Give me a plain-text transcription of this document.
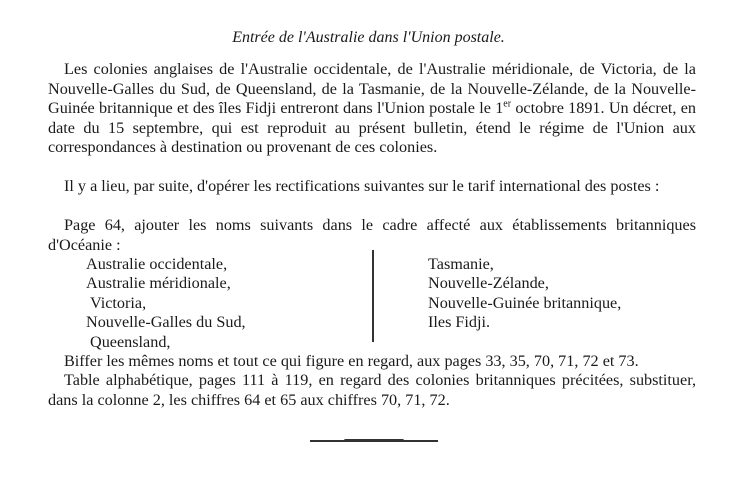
Entrée de l'Australie dans l'Union postale.

Les colonies anglaises de l'Australie occidentale, de l'Australie méridionale, de Victoria, de la Nouvelle-Galles du Sud, de Queensland, de la Tasmanie, de la Nouvelle-Zélande, de la Nouvelle-Guinée britannique et des îles Fidji entreront dans l'Union postale le 1er octobre 1891. Un décret, en date du 15 septembre, qui est reproduit au présent bulletin, étend le régime de l'Union aux correspondances à destination ou provenant de ces colonies.

Il y a lieu, par suite, d'opérer les rectifications suivantes sur le tarif international des postes :

Page 64, ajouter les noms suivants dans le cadre affecté aux établissements britanniques d'Océanie :

Australie occidentale,
Australie méridionale,
Victoria,
Nouvelle-Galles du Sud,
Queensland,
Tasmanie,
Nouvelle-Zélande,
Nouvelle-Guinée britannique,
Iles Fidji.

Biffer les mêmes noms et tout ce qui figure en regard, aux pages 33, 35, 70, 71, 72 et 73.

Table alphabétique, pages 111 à 119, en regard des colonies britanniques précitées, substituer, dans la colonne 2, les chiffres 64 et 65 aux chiffres 70, 71, 72.
